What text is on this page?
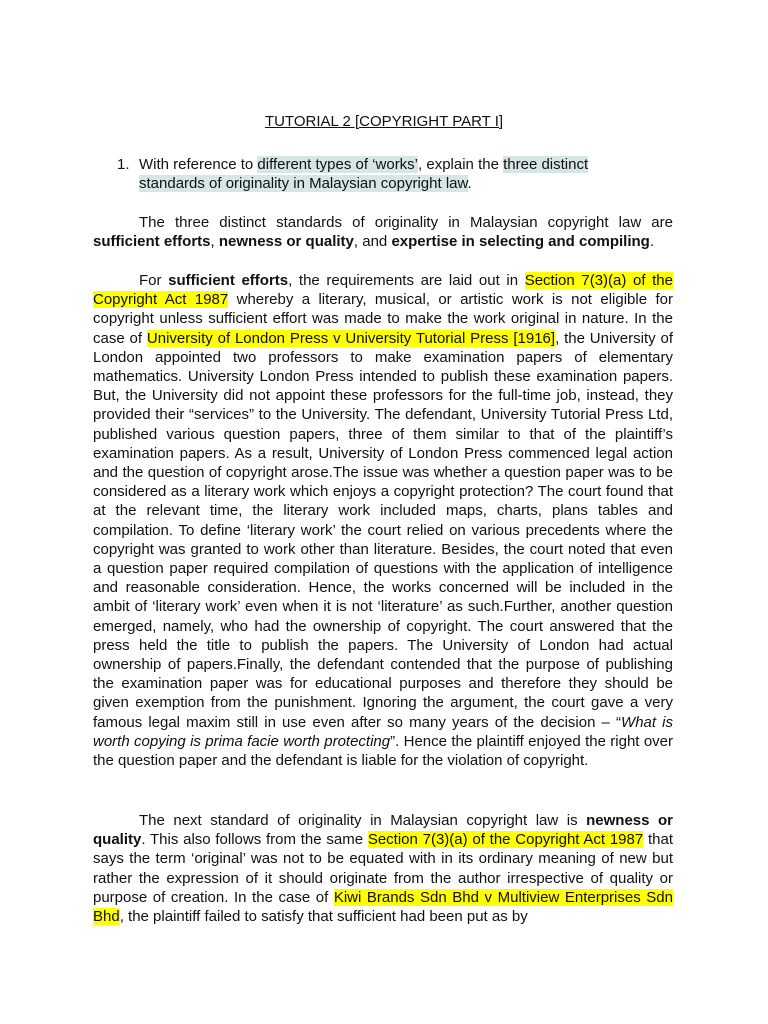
TUTORIAL 2 [COPYRIGHT PART I]
1. With reference to different types of ‘works’, explain the three distinct standards of originality in Malaysian copyright law.

The three distinct standards of originality in Malaysian copyright law are sufficient efforts, newness or quality, and expertise in selecting and compiling.

For sufficient efforts, the requirements are laid out in Section 7(3)(a) of the Copyright Act 1987 whereby a literary, musical, or artistic work is not eligible for copyright unless sufficient effort was made to make the work original in nature. In the case of University of London Press v University Tutorial Press [1916], the University of London appointed two professors to make examination papers of elementary mathematics. University London Press intended to publish these examination papers. But, the University did not appoint these professors for the full-time job, instead, they provided their “services” to the University. The defendant, University Tutorial Press Ltd, published various question papers, three of them similar to that of the plaintiff’s examination papers. As a result, University of London Press commenced legal action and the question of copyright arose.The issue was whether a question paper was to be considered as a literary work which enjoys a copyright protection? The court found that at the relevant time, the literary work included maps, charts, plans tables and compilation. To define ‘literary work’ the court relied on various precedents where the copyright was granted to work other than literature. Besides, the court noted that even a question paper required compilation of questions with the application of intelligence and reasonable consideration. Hence, the works concerned will be included in the ambit of ‘literary work’ even when it is not ‘literature’ as such.Further, another question emerged, namely, who had the ownership of copyright. The court answered that the press held the title to publish the papers. The University of London had actual ownership of papers.Finally, the defendant contended that the purpose of publishing the examination paper was for educational purposes and therefore they should be given exemption from the punishment. Ignoring the argument, the court gave a very famous legal maxim still in use even after so many years of the decision – “What is worth copying is prima facie worth protecting”. Hence the plaintiff enjoyed the right over the question paper and the defendant is liable for the violation of copyright.

The next standard of originality in Malaysian copyright law is newness or quality. This also follows from the same Section 7(3)(a) of the Copyright Act 1987 that says the term ‘original’ was not to be equated with in its ordinary meaning of new but rather the expression of it should originate from the author irrespective of quality or purpose of creation. In the case of Kiwi Brands Sdn Bhd v Multiview Enterprises Sdn Bhd, the plaintiff failed to satisfy that sufficient had been put as by
